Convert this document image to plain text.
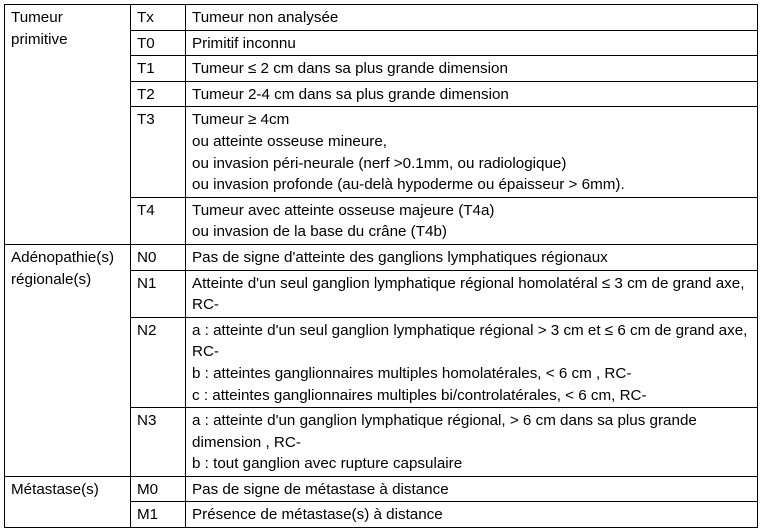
Tumeur primitive	Tx	Tumeur non analysée

	T0	Primitif inconnu

	T1	Tumeur ≤ 2 cm dans sa plus grande dimension

	T2	Tumeur 2-4 cm dans sa plus grande dimension

	T3	Tumeur ≥ 4cm
ou atteinte osseuse mineure,
ou invasion péri-neurale (nerf >0.1mm, ou radiologique)
ou invasion profonde (au-delà hypoderme ou épaisseur > 6mm).

	T4	Tumeur avec atteinte osseuse majeure (T4a)
ou invasion de la base du crâne (T4b)

Adénopathie(s) régionale(s)	N0	Pas de signe d'atteinte des ganglions lymphatiques régionaux

	N1	Atteinte d'un seul ganglion lymphatique régional homolatéral ≤ 3 cm de grand axe, RC-

	N2	a : atteinte d'un seul ganglion lymphatique régional > 3 cm et ≤ 6 cm de grand axe, RC-
b : atteintes ganglionnaires multiples homolatérales, < 6 cm , RC-
c : atteintes ganglionnaires multiples bi/controlatérales, < 6 cm, RC-

	N3	a : atteinte d'un ganglion lymphatique régional, > 6 cm dans sa plus grande dimension , RC-
b : tout ganglion avec rupture capsulaire

Métastase(s)	M0	Pas de signe de métastase à distance

	M1	Présence de métastase(s) à distance
